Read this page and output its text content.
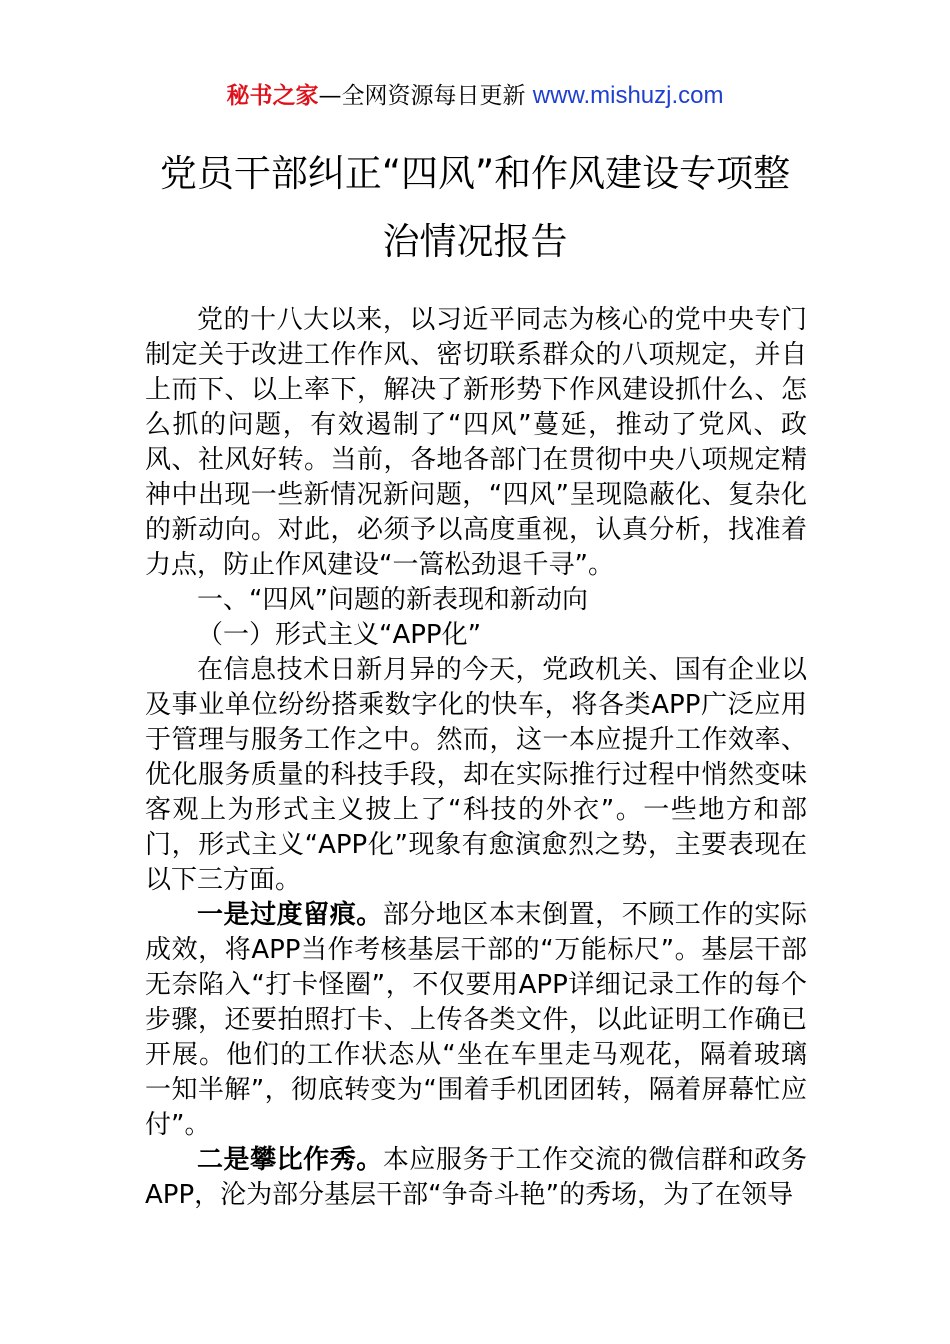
秘书之家—全网资源每日更新 www.mishuzj.com
党员干部纠正“四风”和作风建设专项整
治情况报告

党的十八大以来，以习近平同志为核心的党中央专门制定关于改进工作作风、密切联系群众的八项规定，并自上而下、以上率下，解决了新形势下作风建设抓什么、怎么抓的问题，有效遏制了“四风”蔓延，推动了党风、政风、社风好转。当前，各地各部门在贯彻中央八项规定精神中出现一些新情况新问题，“四风”呈现隐蔽化、复杂化的新动向。对此，必须予以高度重视，认真分析，找准着力点，防止作风建设“一篙松劲退千寻”。

一、“四风”问题的新表现和新动向

（一）形式主义“APP化”

在信息技术日新月异的今天，党政机关、国有企业以及事业单位纷纷搭乘数字化的快车，将各类APP广泛应用于管理与服务工作之中。然而，这一本应提升工作效率、优化服务质量的科技手段，却在实际推行过程中悄然变味客观上为形式主义披上了“科技的外衣”。一些地方和部门，形式主义“APP化”现象有愈演愈烈之势，主要表现在以下三方面。

一是过度留痕。部分地区本末倒置，不顾工作的实际成效，将APP当作考核基层干部的“万能标尺”。基层干部无奈陷入“打卡怪圈”，不仅要用APP详细记录工作的每个步骤，还要拍照打卡、上传各类文件，以此证明工作确已开展。他们的工作状态从“坐在车里走马观花，隔着玻璃一知半解”，彻底转变为“围着手机团团转，隔着屏幕忙应付”。

二是攀比作秀。本应服务于工作交流的微信群和政务APP，沦为部分基层干部“争奇斗艳”的秀场，为了在领导
